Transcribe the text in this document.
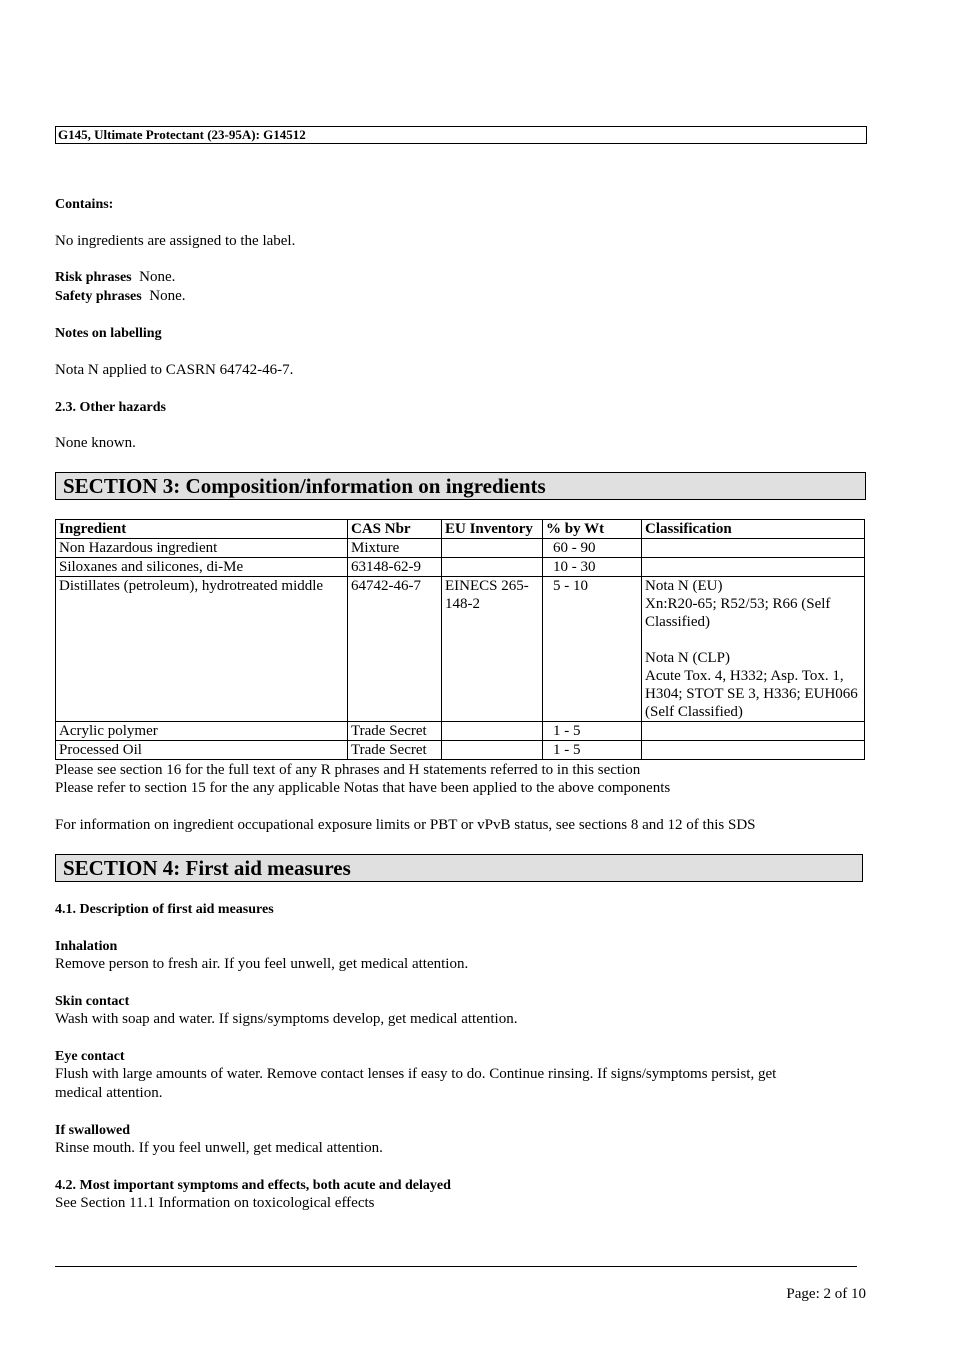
G145, Ultimate Protectant (23-95A): G14512
Contains:
No ingredients are assigned to the label.
Risk phrases None.
Safety phrases None.
Notes on labelling
Nota N applied to CASRN 64742-46-7.
2.3. Other hazards
None known.
SECTION 3: Composition/information on ingredients
Ingredient	CAS Nbr	EU Inventory	% by Wt	Classification
Non Hazardous ingredient	Mixture		60 - 90	
Siloxanes and silicones, di-Me	63148-62-9		10 - 30	
Distillates (petroleum), hydrotreated middle	64742-46-7	EINECS 265-148-2	5 - 10	Nota N (EU)
Xn:R20-65; R52/53; R66 (Self Classified)
Nota N (CLP)
Acute Tox. 4, H332; Asp. Tox. 1, H304; STOT SE 3, H336; EUH066 (Self Classified)

Acrylic polymer	Trade Secret		1 - 5	
Processed Oil	Trade Secret		1 - 5	
Please see section 16 for the full text of any R phrases and H statements referred to in this section
Please refer to section 15 for the any applicable Notas that have been applied to the above components
For information on ingredient occupational exposure limits or PBT or vPvB status, see sections 8 and 12 of this SDS
SECTION 4: First aid measures
4.1. Description of first aid measures
Inhalation
Remove person to fresh air. If you feel unwell, get medical attention.
Skin contact
Wash with soap and water. If signs/symptoms develop, get medical attention.
Eye contact
Flush with large amounts of water. Remove contact lenses if easy to do. Continue rinsing. If signs/symptoms persist, get
medical attention.
If swallowed
Rinse mouth. If you feel unwell, get medical attention.
4.2. Most important symptoms and effects, both acute and delayed
See Section 11.1 Information on toxicological effects
Page: 2 of 10
